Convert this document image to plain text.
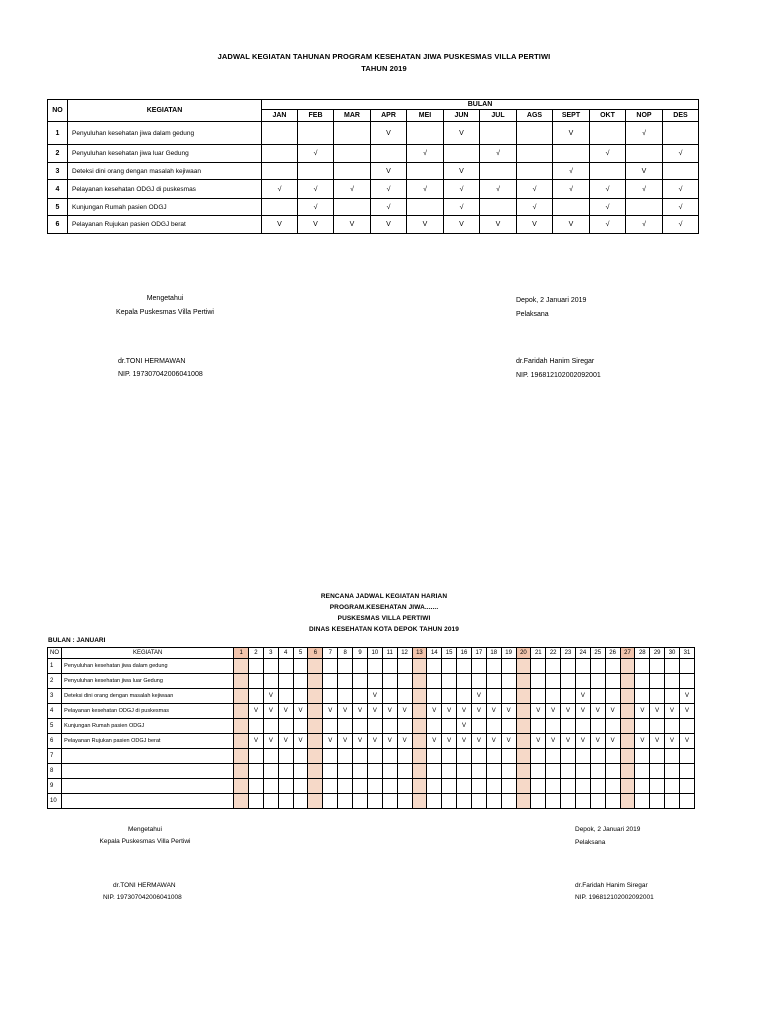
JADWAL KEGIATAN TAHUNAN PROGRAM KESEHATAN JIWA PUSKESMAS VILLA PERTIWI
TAHUN 2019
NO	KEGIATAN	BULAN											
		JAN	FEB	MAR	APR	MEI	JUN	JUL	AGS	SEPT	OKT	NOP	DES
1	Penyuluhan kesehatan jiwa dalam gedung				V		V			V		√	
2	Penyuluhan kesehatan jiwa luar Gedung		√			√		√			√		√
3	Deteksi dini orang dengan masalah kejiwaan				V		V			√		V	
4	Pelayanan kesehatan ODGJ di puskesmas	√	√	√	√	√	√	√	√	√	√	√	√
5	Kunjungan Rumah pasien ODGJ		√		√		√		√		√		√
6	Pelayanan Rujukan pasien ODGJ berat	V	V	V	V	V	V	V	V	V	√	√	√
Mengetahui
Kepala Puskesmas Villa Pertiwi
dr.TONI HERMAWAN
NIP. 197307042006041008
Depok, 2 Januari 2019
Pelaksana
dr.Faridah Hanim Siregar
NIP. 196812102002092001
RENCANA JADWAL KEGIATAN HARIAN
PROGRAM.KESEHATAN JIWA.......
PUSKESMAS VILLA PERTIWI
DINAS KESEHATAN KOTA DEPOK TAHUN 2019
BULAN : JANUARI
NO	KEGIATAN	1	2	3	4	5	6	7	8	9	10	11	12	13	14	15	16	17	18	19	20	21	22	23	24	25	26	27	28	29	30	31
1	Penyuluhan kesehatan jiwa dalam gedung																															
2	Penyuluhan kesehatan jiwa luar Gedung																															
3	Deteksi dini orang dengan masalah kejiwaan			V							V							V							V							V
4	Pelayanan kesehatan ODGJ di puskesmas		V	V	V	V		V	V	V	V	V	V		V	V	V	V	V	V		V	V	V	V	V	V		V	V	V	V
5	Kunjungan Rumah pasien ODGJ																V															
6	Pelayanan Rujukan pasien ODGJ berat		V	V	V	V		V	V	V	V	V	V		V	V	V	V	V	V		V	V	V	V	V	V		V	V	V	V
7																																
8																																
9																																
10																																
Mengetahui
Kepala Puskesmas Villa Pertiwi
dr.TONI HERMAWAN
NIP. 197307042006041008
Depok, 2 Januari 2019
Pelaksana
dr.Faridah Hanim Siregar
NIP. 196812102002092001
